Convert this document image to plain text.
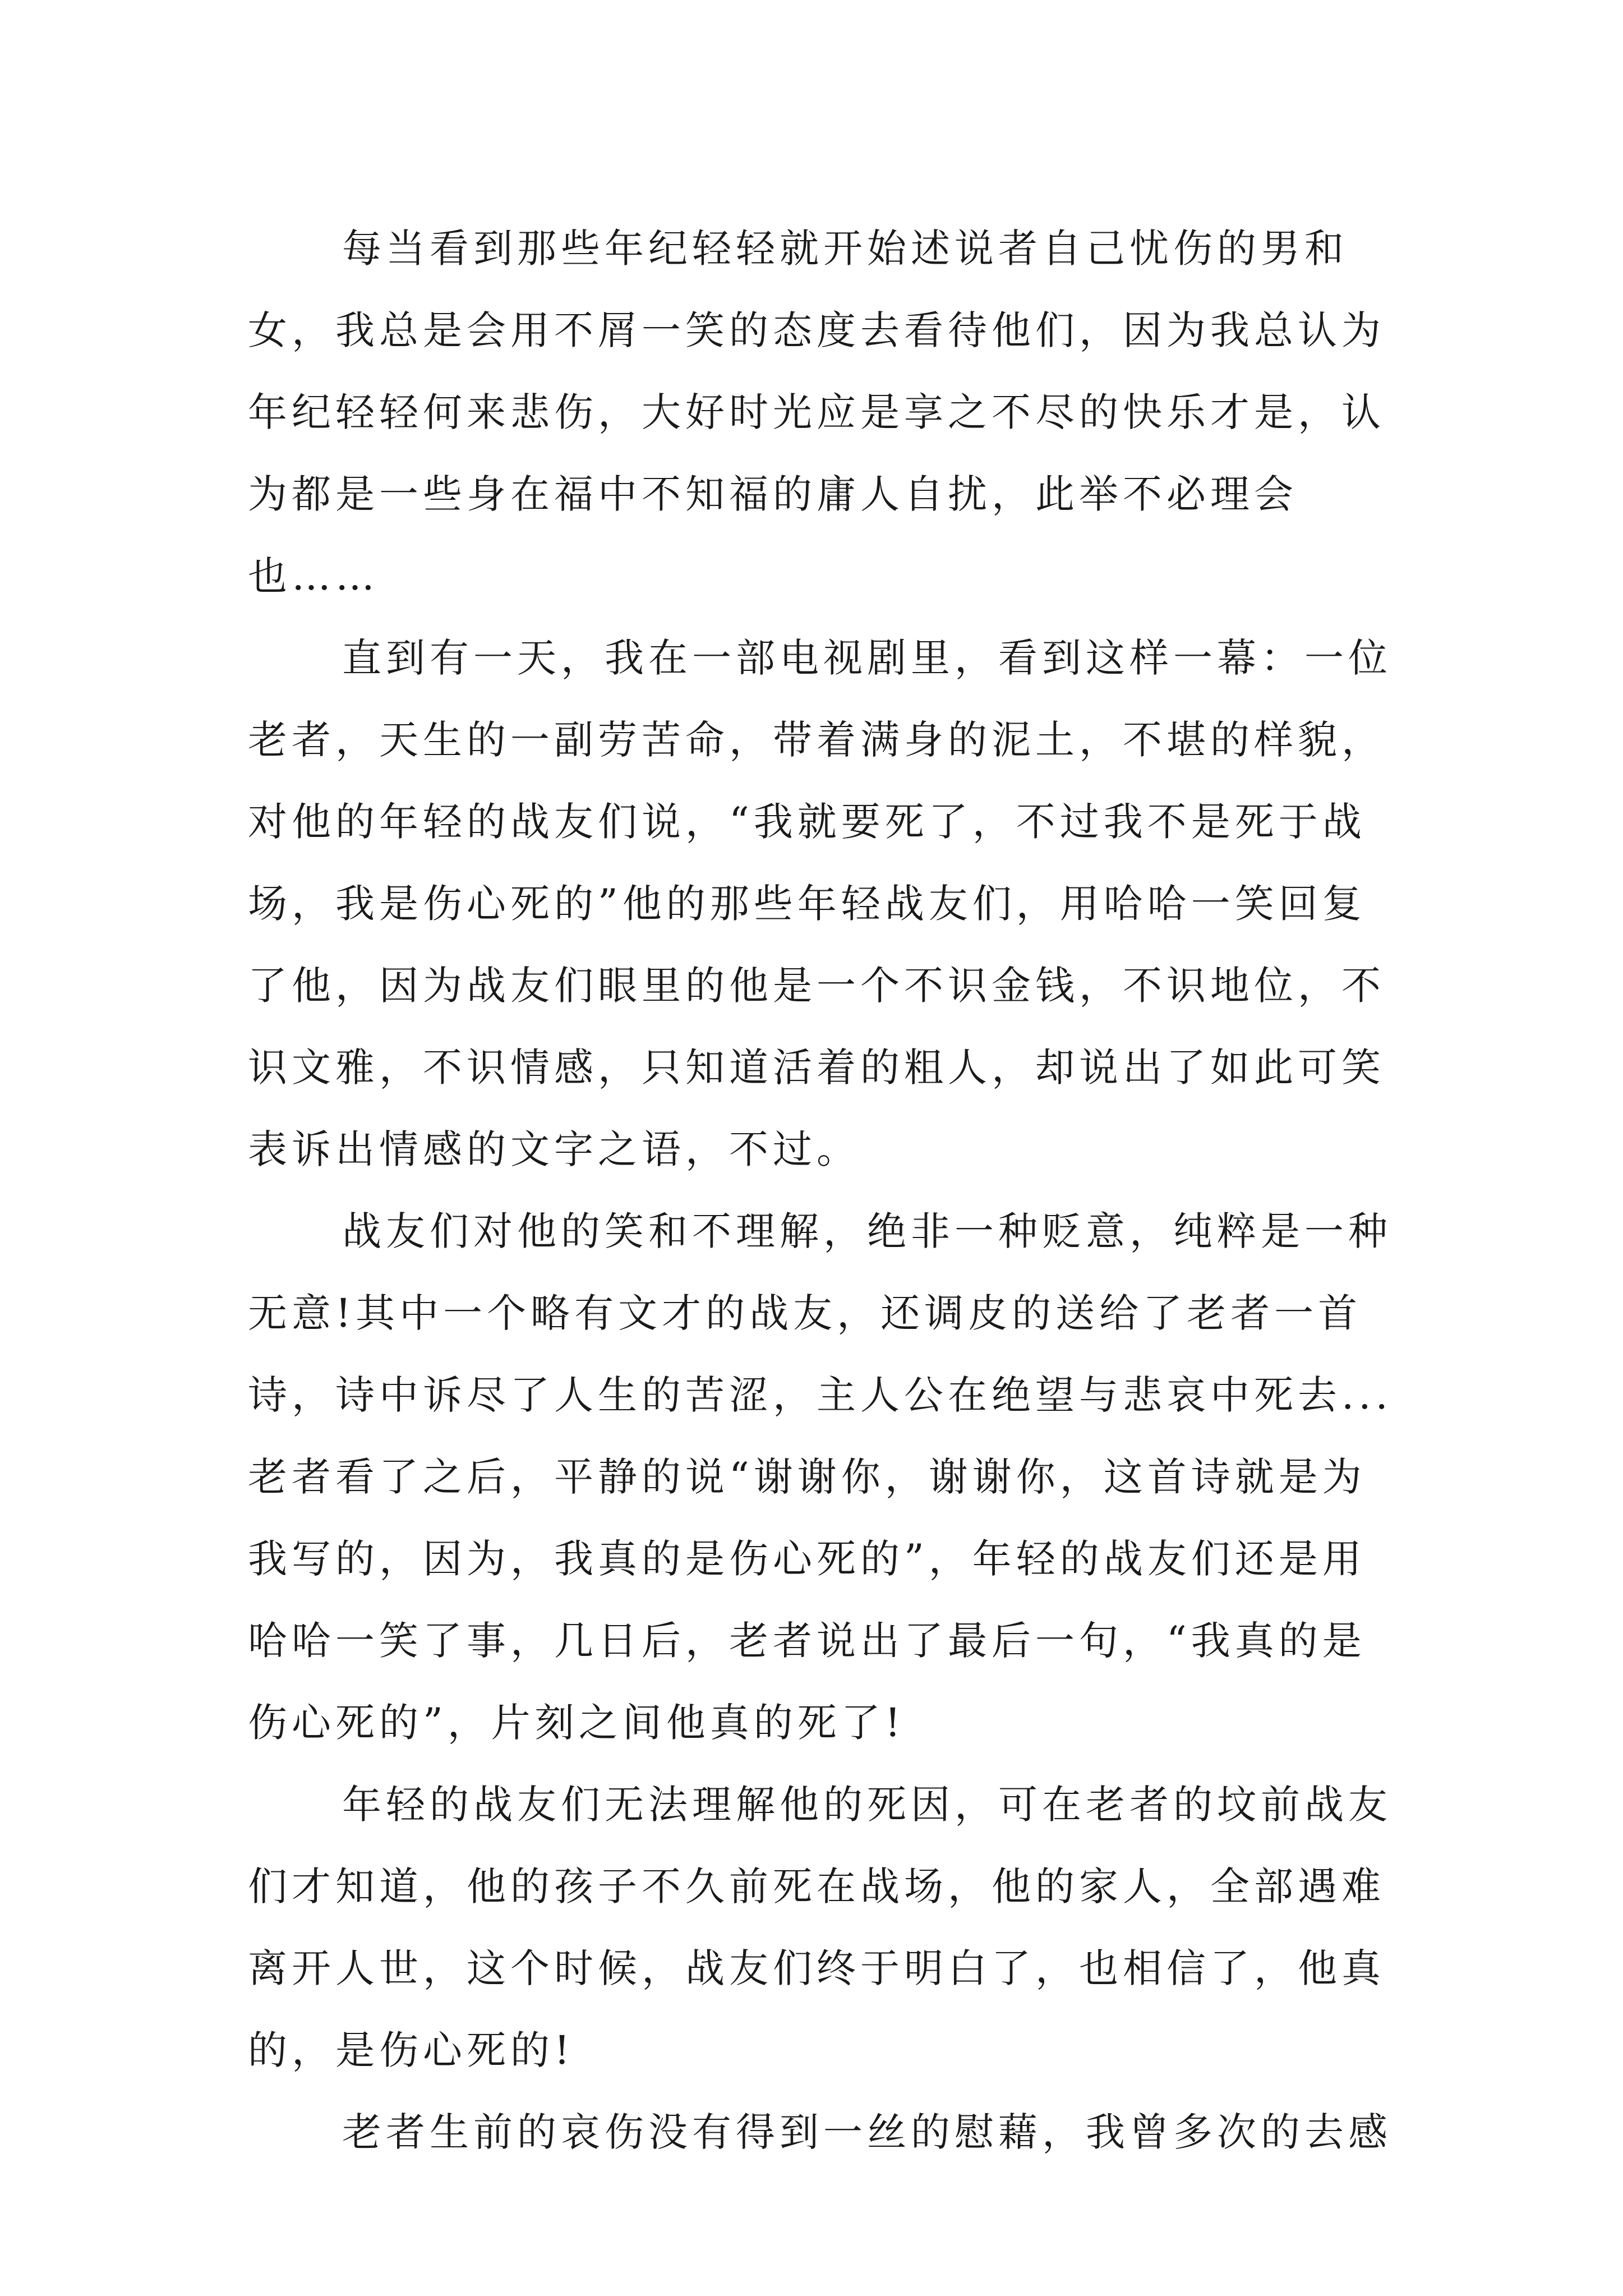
每当看到那些年纪轻轻就开始述说者自己忧伤的男和
女，我总是会用不屑一笑的态度去看待他们，因为我总认为
年纪轻轻何来悲伤，大好时光应是享之不尽的快乐才是，认
为都是一些身在福中不知福的庸人自扰，此举不必理会
也……
直到有一天，我在一部电视剧里，看到这样一幕：一位
老者，天生的一副劳苦命，带着满身的泥土，不堪的样貌，
对他的年轻的战友们说，“我就要死了，不过我不是死于战
场，我是伤心死的”他的那些年轻战友们，用哈哈一笑回复
了他，因为战友们眼里的他是一个不识金钱，不识地位，不
识文雅，不识情感，只知道活着的粗人，却说出了如此可笑
表诉出情感的文字之语，不过。
战友们对他的笑和不理解，绝非一种贬意，纯粹是一种
无意!其中一个略有文才的战友，还调皮的送给了老者一首
诗，诗中诉尽了人生的苦涩，主人公在绝望与悲哀中死去...
老者看了之后，平静的说“谢谢你，谢谢你，这首诗就是为
我写的，因为，我真的是伤心死的”，年轻的战友们还是用
哈哈一笑了事，几日后，老者说出了最后一句，“我真的是
伤心死的”，片刻之间他真的死了!
年轻的战友们无法理解他的死因，可在老者的坟前战友
们才知道，他的孩子不久前死在战场，他的家人，全部遇难
离开人世，这个时候，战友们终于明白了，也相信了，他真
的，是伤心死的!
老者生前的哀伤没有得到一丝的慰藉，我曾多次的去感
